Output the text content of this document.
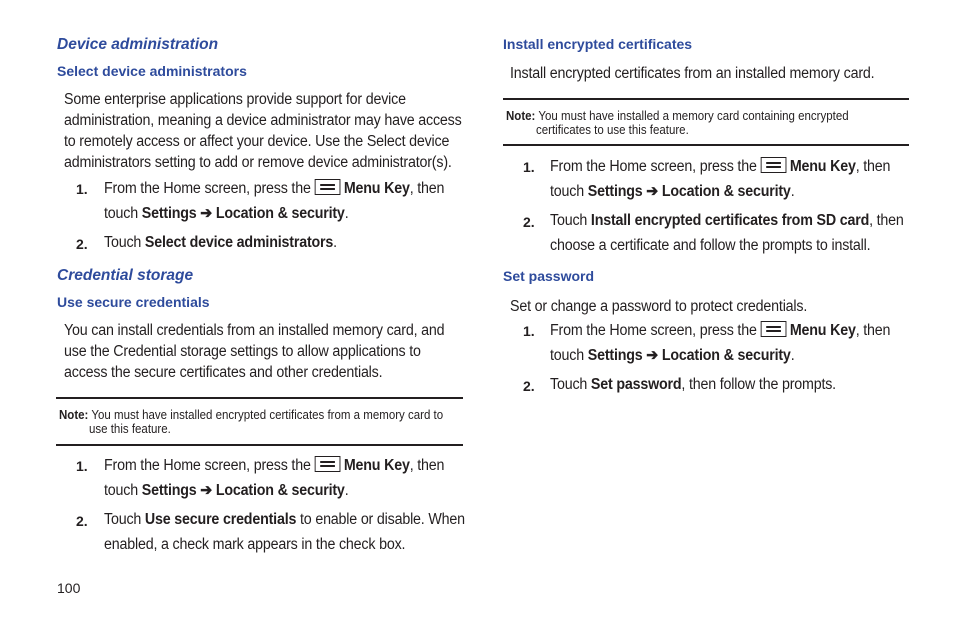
Device administration
Select device administrators
Some enterprise applications provide support for device
administration, meaning a device administrator may have access
to remotely access or affect your device. Use the Select device
administrators setting to add or remove device administrator(s).
1. From the Home screen, press the Menu Key, then
touch Settings ➔ Location & security.
2. Touch Select device administrators.
Credential storage
Use secure credentials
You can install credentials from an installed memory card, and
use the Credential storage settings to allow applications to
access the secure certificates and other credentials.
Note: You must have installed encrypted certificates from a memory card to
use this feature.
1. From the Home screen, press the Menu Key, then
touch Settings ➔ Location & security.
2. Touch Use secure credentials to enable or disable. When
enabled, a check mark appears in the check box.
100
Install encrypted certificates
Install encrypted certificates from an installed memory card.
Note: You must have installed a memory card containing encrypted
certificates to use this feature.
1. From the Home screen, press the Menu Key, then
touch Settings ➔ Location & security.
2. Touch Install encrypted certificates from SD card, then
choose a certificate and follow the prompts to install.
Set password
Set or change a password to protect credentials.
1. From the Home screen, press the Menu Key, then
touch Settings ➔ Location & security.
2. Touch Set password, then follow the prompts.
